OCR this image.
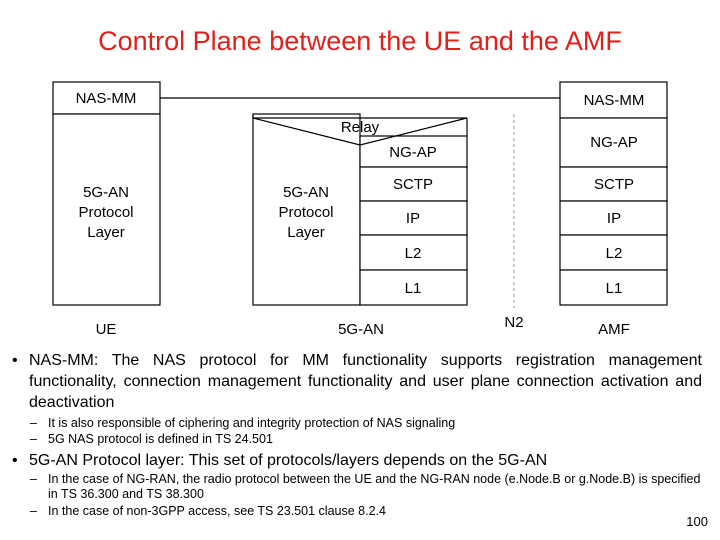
Control Plane between the UE and the AMF
NAS-MM
5G-AN
Protocol
Layer
UE
Relay
NG-AP
SCTP
IP
L2
L1
5G-AN
Protocol
Layer
5G-AN	N2
NAS-MM
NG-AP
SCTP
IP
L2
L1
AMF
• NAS-MM: The NAS protocol for MM functionality supports registration management functionality, connection management functionality and user plane connection activation and deactivation
– It is also responsible of ciphering and integrity protection of NAS signaling
– 5G NAS protocol is defined in TS 24.501
• 5G-AN Protocol layer: This set of protocols/layers depends on the 5G-AN
– In the case of NG-RAN, the radio protocol between the UE and the NG-RAN node (e.Node.B or g.Node.B) is specified in TS 36.300 and TS 38.300
– In the case of non-3GPP access, see TS 23.501 clause 8.2.4
100
